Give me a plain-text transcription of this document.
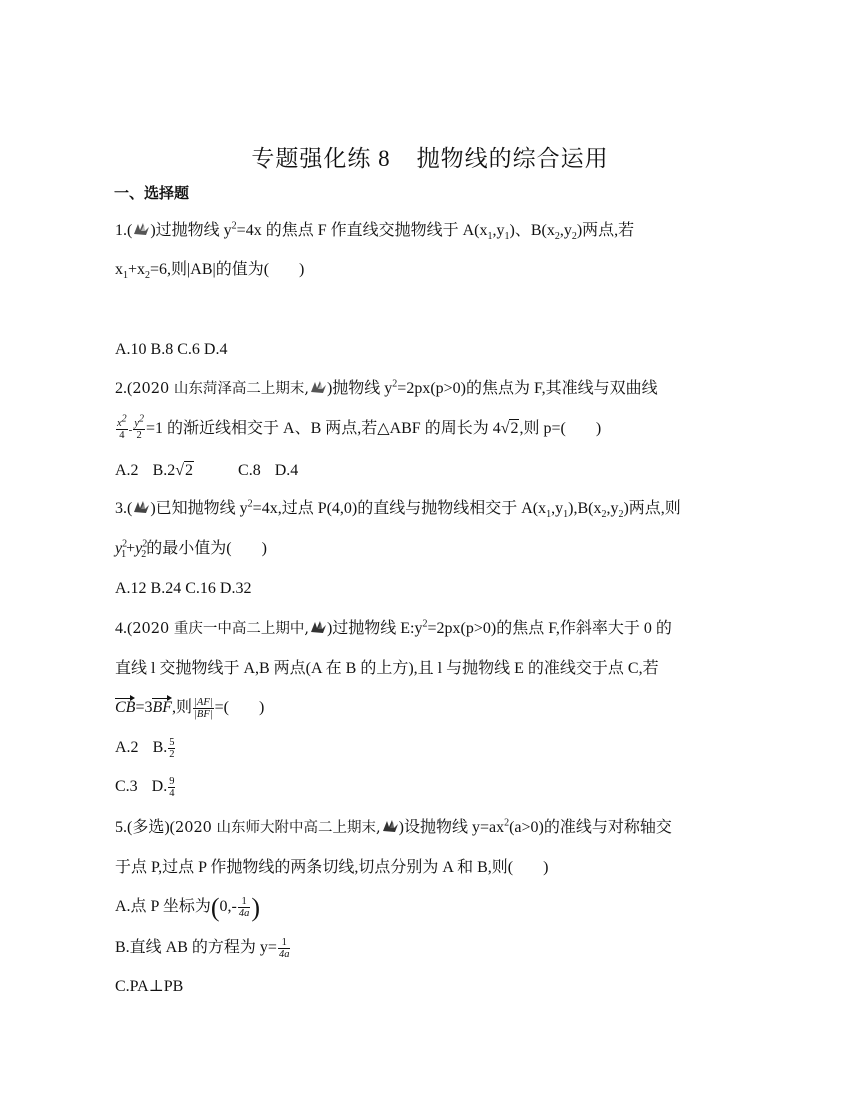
专题强化练 8 抛物线的综合运用
一、选择题
1.( )过抛物线 $y^2=4x$ 的焦点 F 作直线交抛物线于 $A(x_1,y_1)$、$B(x_2,y_2)$两点,若
$x_1+x_2=6$,则|AB|的值为( )
A.10 B.8 C.6 D.4
2.(2020 山东菏泽高二上期末, )抛物线 $y^2=2px(p>0)$的焦点为 F,其准线与双曲线
$\frac{x^2}{4} - \frac{y^2}{2} =1$ 的渐近线相交于 A、B 两点,若△ABF 的周长为 4√2,则 p=( )
A.2 B.2√2	C.8 D.4
3.( )已知抛物线 $y^2=4x$,过点 P(4,0)的直线与抛物线相交于 $A(x_1,y_1),B(x_2,y_2)$两点,则
$y^2_1+y^2_2$的最小值为( )
A.12 B.24 C.16 D.32
4.(2020 重庆一中高二上期中, )过抛物线 $E:y^2=2px(p>0)$的焦点 F,作斜率大于 0 的
直线 l 交抛物线于 A,B 两点(A 在 B 的上方),且 l 与抛物线 E 的准线交于点 C,若
CB=3BF,则 $\frac{|AF|}{|BF|}$ =( )
A.2 B. $\frac{5}{2}$
C.3 D. $\frac{9}{4}$
5.(多选)(2020 山东师大附中高二上期末, )设抛物线 $y=ax^2(a>0)$的准线与对称轴交
于点 P,过点 P 作抛物线的两条切线,切点分别为 A 和 B,则( )
A.点 P 坐标为($0,- \frac{1}{4a}$ )
B.直线 AB 的方程为 $y= \frac{1}{4a}$
C.PA⊥PB
